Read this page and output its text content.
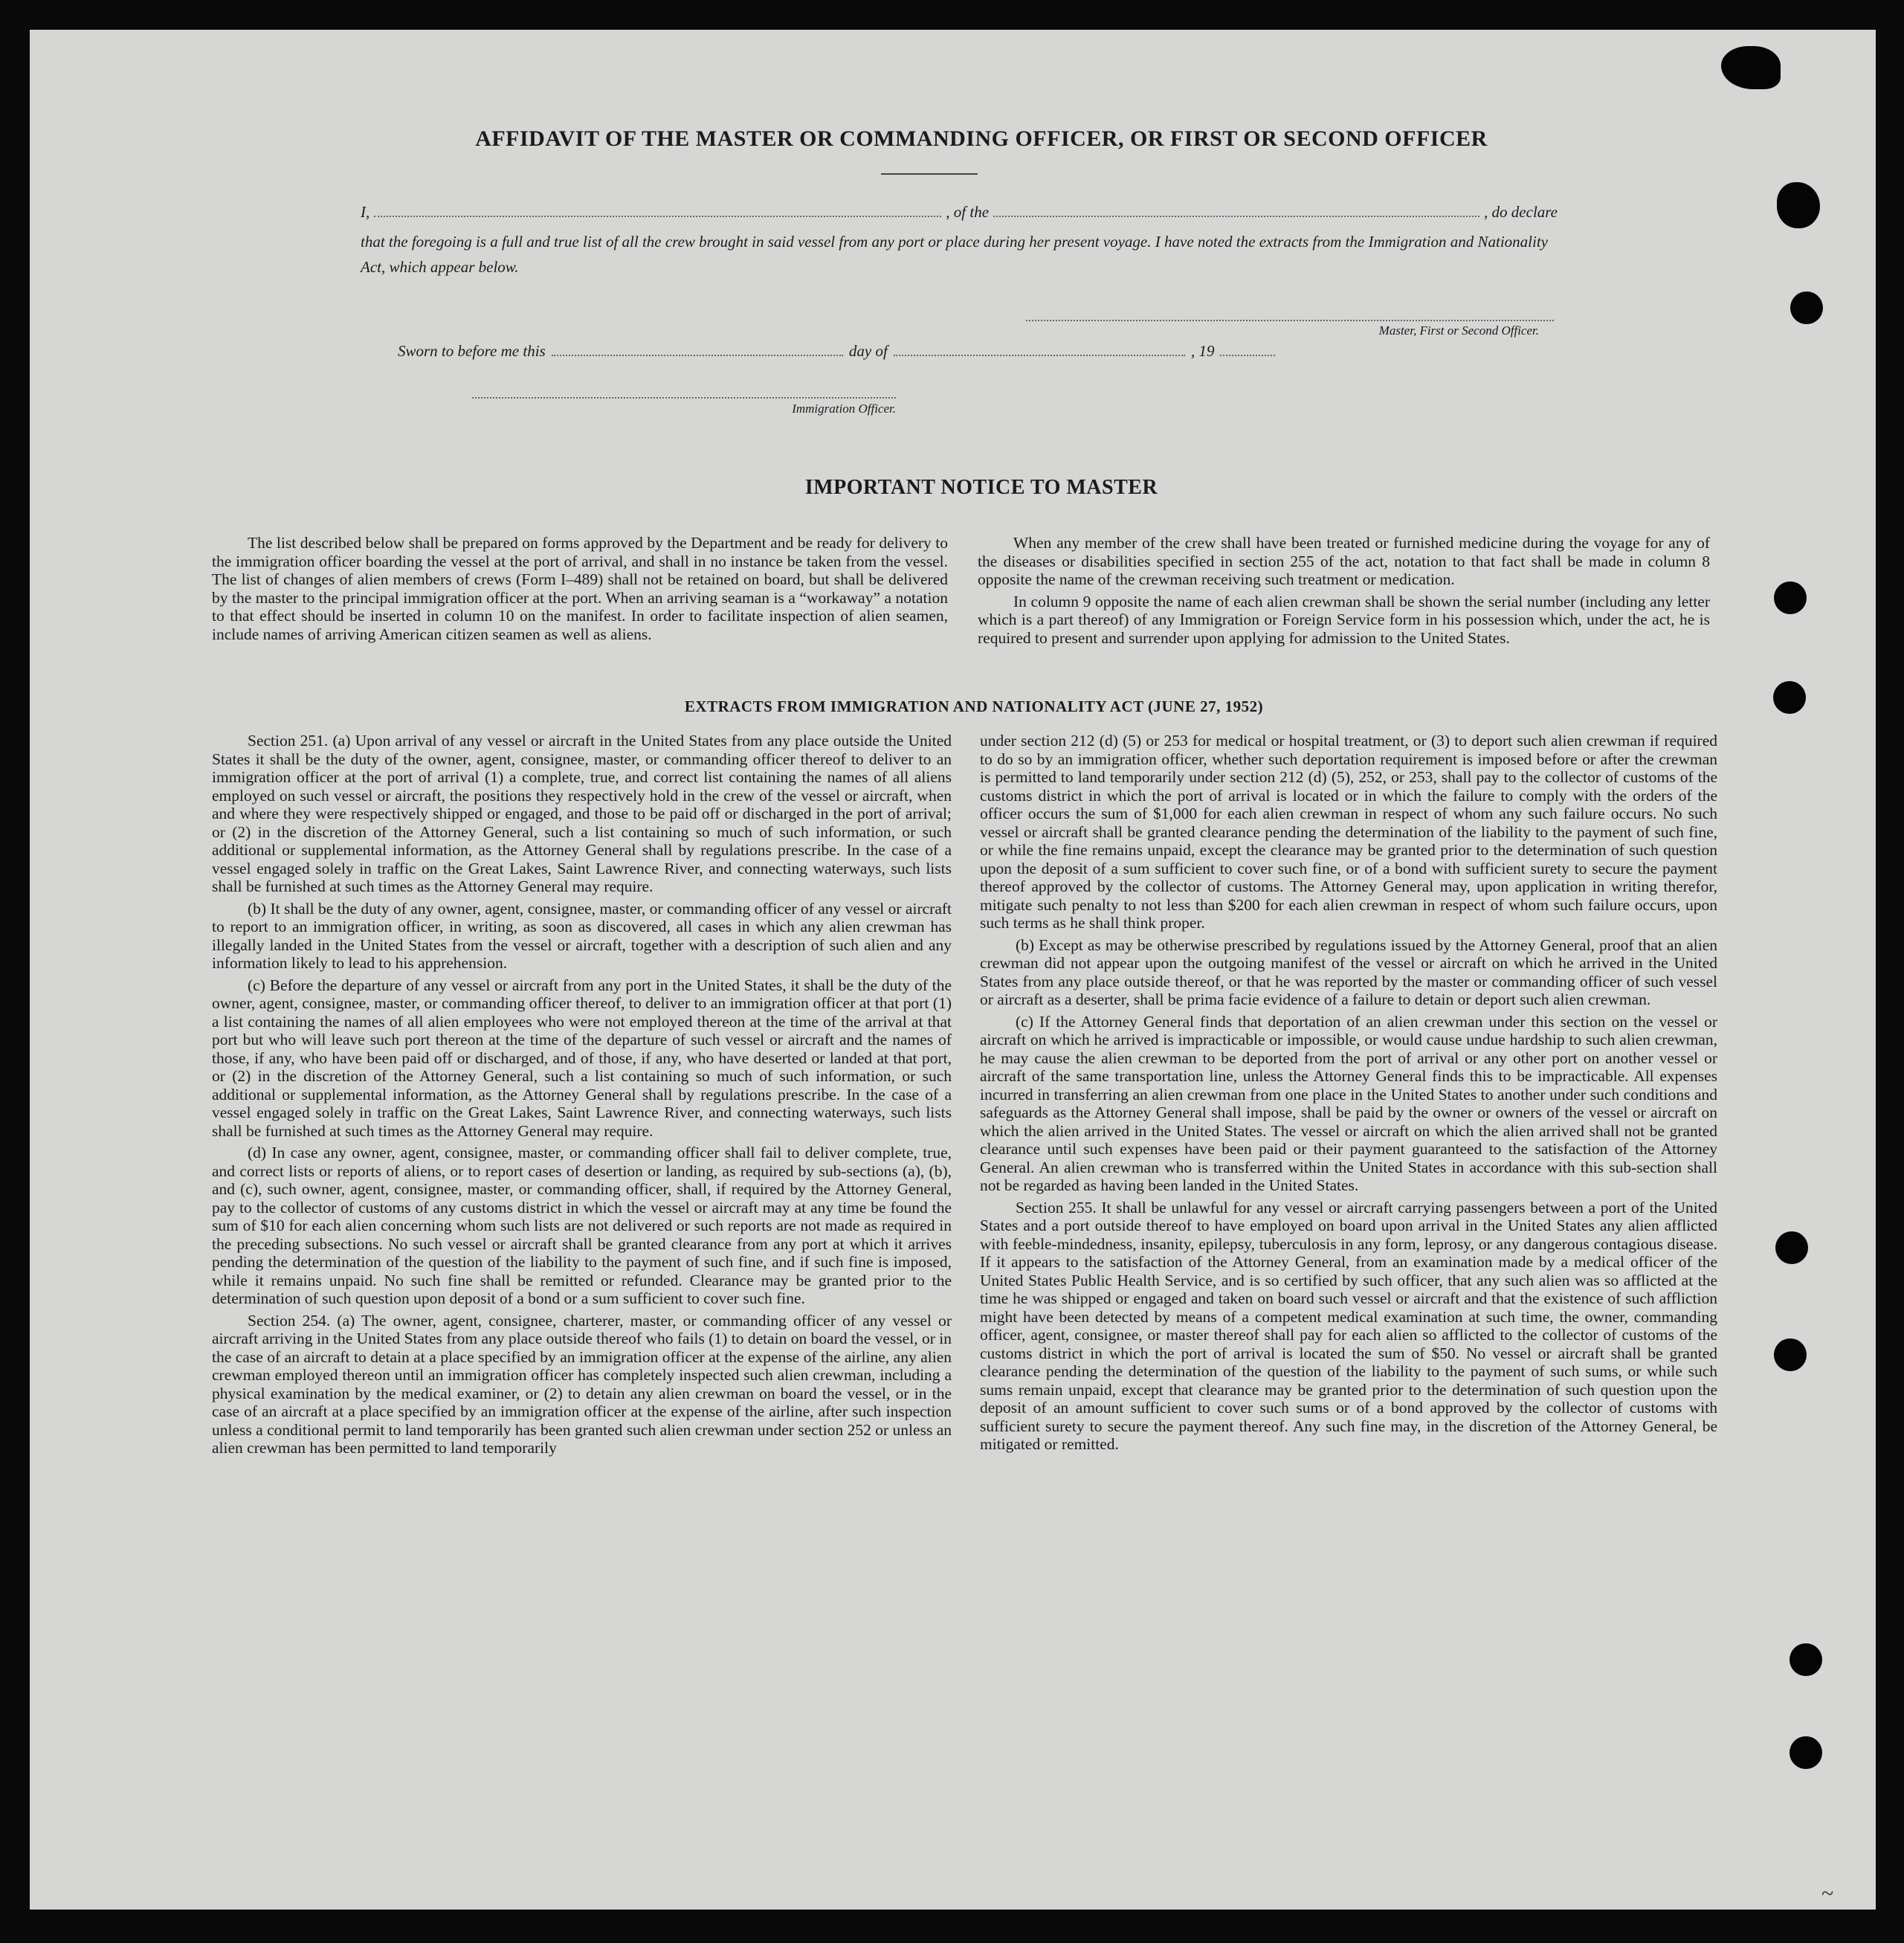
~
AFFIDAVIT OF THE MASTER OR COMMANDING OFFICER, OR FIRST OR SECOND OFFICER
I,	, of the	, do declare
that the foregoing is a full and true list of all the crew brought in said vessel from any port or place during her present voyage. I have noted the extracts from the Immigration and Nationality Act, which appear below.
Master, First or Second Officer.
Sworn to before me this	day of	, 19
Immigration Officer.
IMPORTANT NOTICE TO MASTER

The list described below shall be prepared on forms approved by the Department and be ready for delivery to the immigration officer boarding the vessel at the port of arrival, and shall in no instance be taken from the vessel. The list of changes of alien members of crews (Form I–489) shall not be retained on board, but shall be delivered by the master to the principal immigration officer at the port. When an arriving seaman is a “workaway” a notation to that effect should be inserted in column 10 on the manifest. In order to facilitate inspection of alien seamen, include names of arriving American citizen seamen as well as aliens.

When any member of the crew shall have been treated or furnished medicine during the voyage for any of the diseases or disabilities specified in section 255 of the act, notation to that fact shall be made in column 8 opposite the name of the crewman receiving such treatment or medication.

In column 9 opposite the name of each alien crewman shall be shown the serial number (including any letter which is a part thereof) of any Immigration or Foreign Service form in his possession which, under the act, he is required to present and surrender upon applying for admission to the United States.

EXTRACTS FROM IMMIGRATION AND NATIONALITY ACT (JUNE 27, 1952)

Section 251. (a) Upon arrival of any vessel or aircraft in the United States from any place outside the United States it shall be the duty of the owner, agent, consignee, master, or commanding officer thereof to deliver to an immigration officer at the port of arrival (1) a complete, true, and correct list containing the names of all aliens employed on such vessel or aircraft, the positions they respectively hold in the crew of the vessel or aircraft, when and where they were respectively shipped or engaged, and those to be paid off or discharged in the port of arrival; or (2) in the discretion of the Attorney General, such a list containing so much of such information, or such additional or supplemental information, as the Attorney General shall by regulations prescribe. In the case of a vessel engaged solely in traffic on the Great Lakes, Saint Lawrence River, and connecting waterways, such lists shall be furnished at such times as the Attorney General may require.

(b) It shall be the duty of any owner, agent, consignee, master, or commanding officer of any vessel or aircraft to report to an immigration officer, in writing, as soon as discovered, all cases in which any alien crewman has illegally landed in the United States from the vessel or aircraft, together with a description of such alien and any information likely to lead to his apprehension.

(c) Before the departure of any vessel or aircraft from any port in the United States, it shall be the duty of the owner, agent, consignee, master, or commanding officer thereof, to deliver to an immigration officer at that port (1) a list containing the names of all alien employees who were not employed thereon at the time of the arrival at that port but who will leave such port thereon at the time of the departure of such vessel or aircraft and the names of those, if any, who have been paid off or discharged, and of those, if any, who have deserted or landed at that port, or (2) in the discretion of the Attorney General, such a list containing so much of such information, or such additional or supplemental information, as the Attorney General shall by regulations prescribe. In the case of a vessel engaged solely in traffic on the Great Lakes, Saint Lawrence River, and connecting waterways, such lists shall be furnished at such times as the Attorney General may require.

(d) In case any owner, agent, consignee, master, or commanding officer shall fail to deliver complete, true, and correct lists or reports of aliens, or to report cases of desertion or landing, as required by sub-sections (a), (b), and (c), such owner, agent, consignee, master, or commanding officer, shall, if required by the Attorney General, pay to the collector of customs of any customs district in which the vessel or aircraft may at any time be found the sum of $10 for each alien concerning whom such lists are not delivered or such reports are not made as required in the preceding subsections. No such vessel or aircraft shall be granted clearance from any port at which it arrives pending the determination of the question of the liability to the payment of such fine, and if such fine is imposed, while it remains unpaid. No such fine shall be remitted or refunded. Clearance may be granted prior to the determination of such question upon deposit of a bond or a sum sufficient to cover such fine.

Section 254. (a) The owner, agent, consignee, charterer, master, or commanding officer of any vessel or aircraft arriving in the United States from any place outside thereof who fails (1) to detain on board the vessel, or in the case of an aircraft to detain at a place specified by an immigration officer at the expense of the airline, any alien crewman employed thereon until an immigration officer has completely inspected such alien crewman, including a physical examination by the medical examiner, or (2) to detain any alien crewman on board the vessel, or in the case of an aircraft at a place specified by an immigration officer at the expense of the airline, after such inspection unless a conditional permit to land temporarily has been granted such alien crewman under section 252 or unless an alien crewman has been permitted to land temporarily

under section 212 (d) (5) or 253 for medical or hospital treatment, or (3) to deport such alien crewman if required to do so by an immigration officer, whether such deportation requirement is imposed before or after the crewman is permitted to land temporarily under section 212 (d) (5), 252, or 253, shall pay to the collector of customs of the customs district in which the port of arrival is located or in which the failure to comply with the orders of the officer occurs the sum of $1,000 for each alien crewman in respect of whom any such failure occurs. No such vessel or aircraft shall be granted clearance pending the determination of the liability to the payment of such fine, or while the fine remains unpaid, except the clearance may be granted prior to the determination of such question upon the deposit of a sum sufficient to cover such fine, or of a bond with sufficient surety to secure the payment thereof approved by the collector of customs. The Attorney General may, upon application in writing therefor, mitigate such penalty to not less than $200 for each alien crewman in respect of whom such failure occurs, upon such terms as he shall think proper.

(b) Except as may be otherwise prescribed by regulations issued by the Attorney General, proof that an alien crewman did not appear upon the outgoing manifest of the vessel or aircraft on which he arrived in the United States from any place outside thereof, or that he was reported by the master or commanding officer of such vessel or aircraft as a deserter, shall be prima facie evidence of a failure to detain or deport such alien crewman.

(c) If the Attorney General finds that deportation of an alien crewman under this section on the vessel or aircraft on which he arrived is impracticable or impossible, or would cause undue hardship to such alien crewman, he may cause the alien crewman to be deported from the port of arrival or any other port on another vessel or aircraft of the same transportation line, unless the Attorney General finds this to be impracticable. All expenses incurred in transferring an alien crewman from one place in the United States to another under such conditions and safeguards as the Attorney General shall impose, shall be paid by the owner or owners of the vessel or aircraft on which the alien arrived in the United States. The vessel or aircraft on which the alien arrived shall not be granted clearance until such expenses have been paid or their payment guaranteed to the satisfaction of the Attorney General. An alien crewman who is transferred within the United States in accordance with this sub-section shall not be regarded as having been landed in the United States.

Section 255. It shall be unlawful for any vessel or aircraft carrying passengers between a port of the United States and a port outside thereof to have employed on board upon arrival in the United States any alien afflicted with feeble-mindedness, insanity, epilepsy, tuberculosis in any form, leprosy, or any dangerous contagious disease. If it appears to the satisfaction of the Attorney General, from an examination made by a medical officer of the United States Public Health Service, and is so certified by such officer, that any such alien was so afflicted at the time he was shipped or engaged and taken on board such vessel or aircraft and that the existence of such affliction might have been detected by means of a competent medical examination at such time, the owner, commanding officer, agent, consignee, or master thereof shall pay for each alien so afflicted to the collector of customs of the customs district in which the port of arrival is located the sum of $50. No vessel or aircraft shall be granted clearance pending the determination of the question of the liability to the payment of such sums, or while such sums remain unpaid, except that clearance may be granted prior to the determination of such question upon the deposit of an amount sufficient to cover such sums or of a bond approved by the collector of customs with sufficient surety to secure the payment thereof. Any such fine may, in the discretion of the Attorney General, be mitigated or remitted.
